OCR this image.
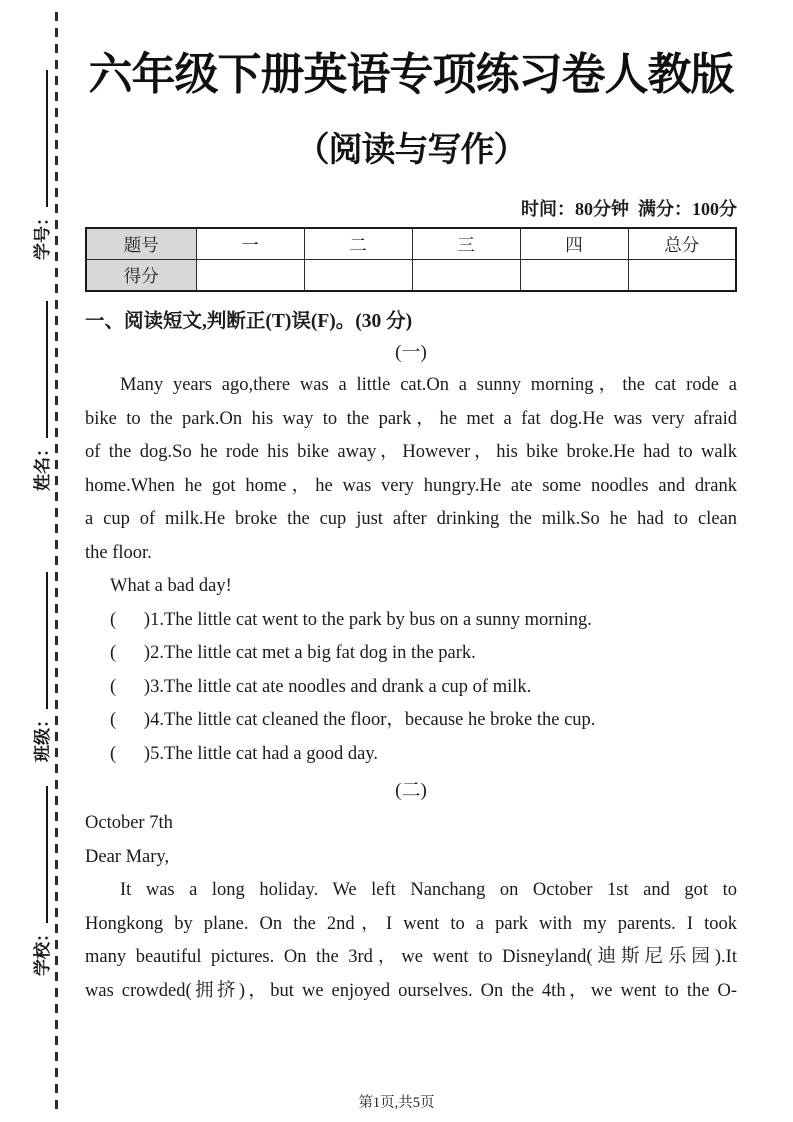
学号：
姓名：
班级：
学校：
六年级下册英语专项练习卷人教版
（阅读与写作）
时间：80分钟  满分：100分
题号	一	二	三	四	总分
得分					
一、阅读短文,判断正(T)误(F)。(30 分)
(一)
Many years ago,there was a little cat.On a sunny morning，the cat rode a
bike to the park.On his way to the park，he met a fat dog.He was very afraid
of the dog.So he rode his bike away，However，his bike broke.He had to walk
home.When he got home，he was very hungry.He ate some noodles and drank
a cup of milk.He broke the cup just after drinking the milk.So he had to clean
the floor.
What a bad day!
(      )1.The little cat went to the park by bus on a sunny morning.
(      )2.The little cat met a big fat dog in the park.
(      )3.The little cat ate noodles and drank a cup of milk.
(      )4.The little cat cleaned the floor，because he broke the cup.
(      )5.The little cat had a good day.
(二)
October 7th
Dear Mary,
It was a long holiday. We left Nanchang on October 1st and got to
Hongkong by plane. On the 2nd，I went to a park with my parents. I took
many beautiful pictures. On the 3rd，we went to Disneyland(迪斯尼乐园).It
was crowded(拥挤)，but we enjoyed ourselves. On the 4th，we went to the O-
第1页,共5页
